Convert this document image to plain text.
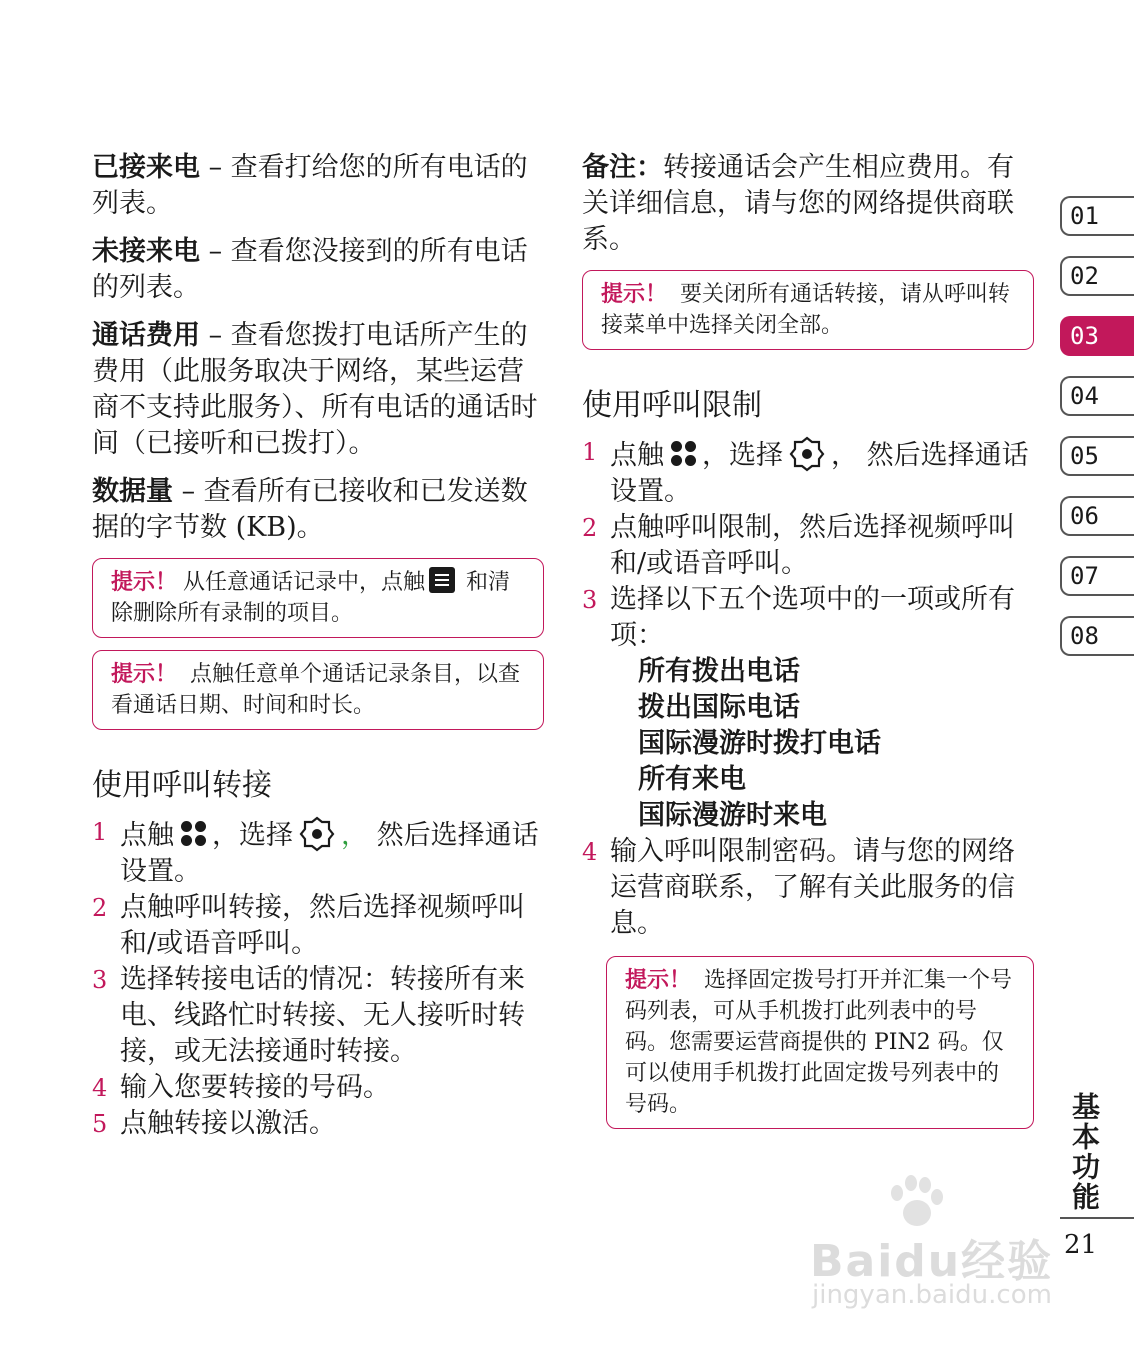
已接来电 – 查看打给您的所有电话的列表。

未接来电 – 查看您没接到的所有电话的列表。

通话费用 – 查看您拨打电话所产生的费用（此服务取决于网络，某些运营商不支持此服务）、所有电话的通话时间（已接听和已拨打）。

数据量 – 查看所有已接收和已发送数据的字节数 (KB)。

提示！ 从任意通话记录中，点触
和清除删除所有录制的项目。
提示！ 点触任意单个通话记录条目，以查看通话日期、时间和时长。
使用呼叫转接
1 点触 ，选择 ， 然后选择通话设置。
2 点触呼叫转接，然后选择视频呼叫和/或语音呼叫。
3 选择转接电话的情况：转接所有来电、线路忙时转接、无人接听时转接，或无法接通时转接。
4 输入您要转接的号码。
5 点触转接以激活。

备注：转接通话会产生相应费用。有关详细信息，请与您的网络提供商联系。

提示！ 要关闭所有通话转接，请从呼叫转接菜单中选择关闭全部。
使用呼叫限制
1 点触 ，选择 ， 然后选择通话设置。
2 点触呼叫限制，然后选择视频呼叫和/或语音呼叫。
3 选择以下五个选项中的一项或所有项：
所有拨出电话
拨出国际电话
国际漫游时拨打电话
所有来电
国际漫游时来电
4 输入呼叫限制密码。请与您的网络运营商联系，了解有关此服务的信息。
提示！ 选择固定拨号打开并汇集一个号码列表，可从手机拨打此列表中的号码。您需要运营商提供的 PIN2 码。仅可以使用手机拨打此固定拨号列表中的号码。
01
02
03
04
05
06
07
08
基本功能
21
Baidu经验
jingyan.baidu.com
